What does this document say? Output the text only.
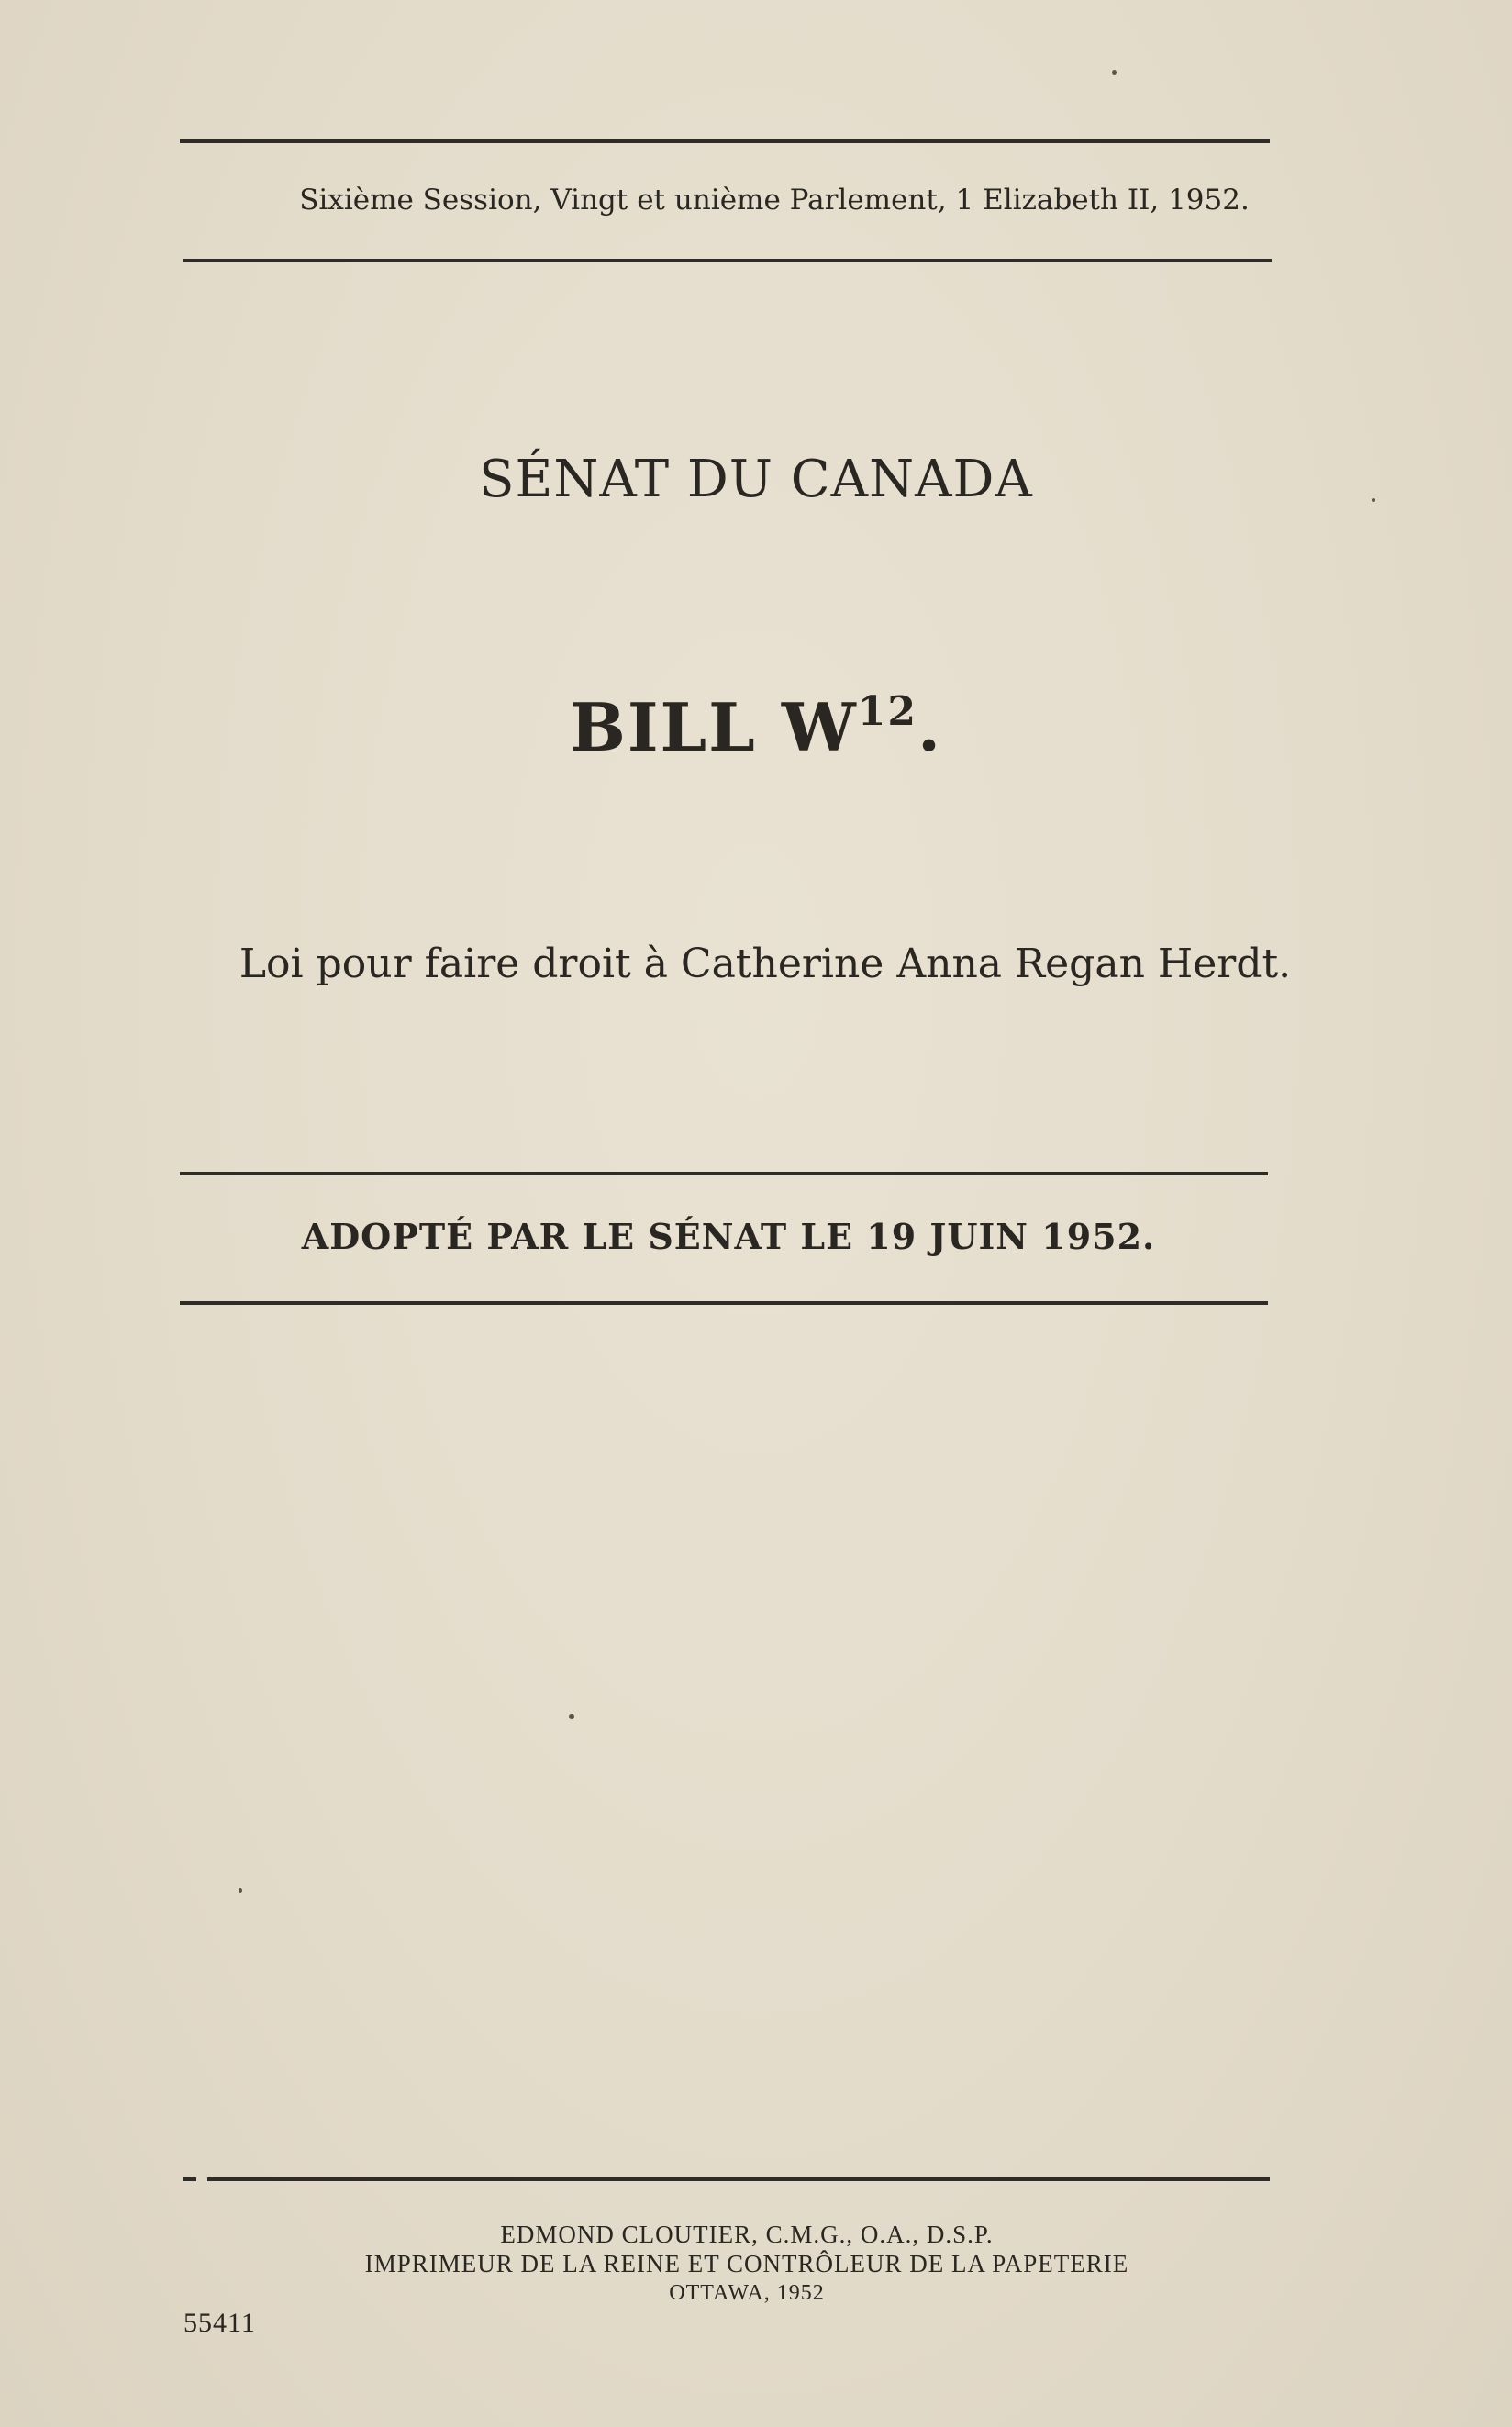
Sixième Session, Vingt et unième Parlement, 1 Elizabeth II, 1952.
SÉNAT DU CANADA
BILL $W^{12}$.
Loi pour faire droit à Catherine Anna Regan Herdt.
ADOPTÉ PAR LE SÉNAT LE 19 JUIN 1952.
EDMOND CLOUTIER, C.M.G., O.A., D.S.P.
IMPRIMEUR DE LA REINE ET CONTRÔLEUR DE LA PAPETERIE
OTTAWA, 1952
55411
